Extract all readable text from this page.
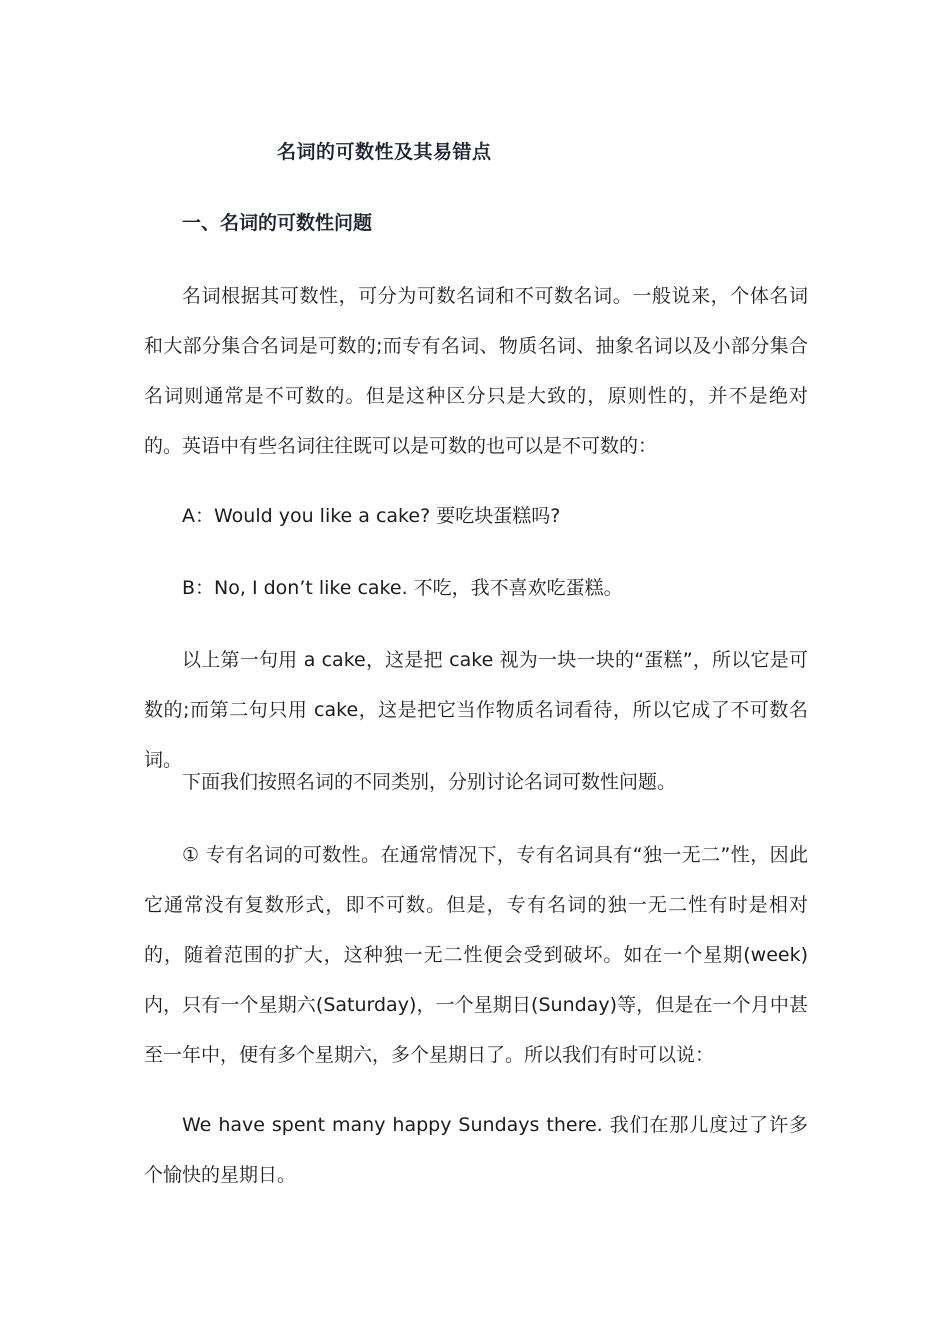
名词的可数性及其易错点
一、名词的可数性问题

名词根据其可数性，可分为可数名词和不可数名词。一般说来，个体名词和大部分集合名词是可数的;而专有名词、物质名词、抽象名词以及小部分集合名词则通常是不可数的。但是这种区分只是大致的，原则性的，并不是绝对的。英语中有些名词往往既可以是可数的也可以是不可数的：

A：Would you like a cake? 要吃块蛋糕吗?
B：No, I don’t like cake. 不吃，我不喜欢吃蛋糕。

以上第一句用 a cake，这是把 cake 视为一块一块的“蛋糕”，所以它是可数的;而第二句只用 cake，这是把它当作物质名词看待，所以它成了不可数名词。

下面我们按照名词的不同类别，分别讨论名词可数性问题。

① 专有名词的可数性。在通常情况下，专有名词具有“独一无二”性，因此它通常没有复数形式，即不可数。但是，专有名词的独一无二性有时是相对的，随着范围的扩大，这种独一无二性便会受到破坏。如在一个星期(week)内，只有一个星期六(Saturday)，一个星期日(Sunday)等，但是在一个月中甚至一年中，便有多个星期六，多个星期日了。所以我们有时可以说：

We have spent many happy Sundays there. 我们在那儿度过了许多个愉快的星期日。
